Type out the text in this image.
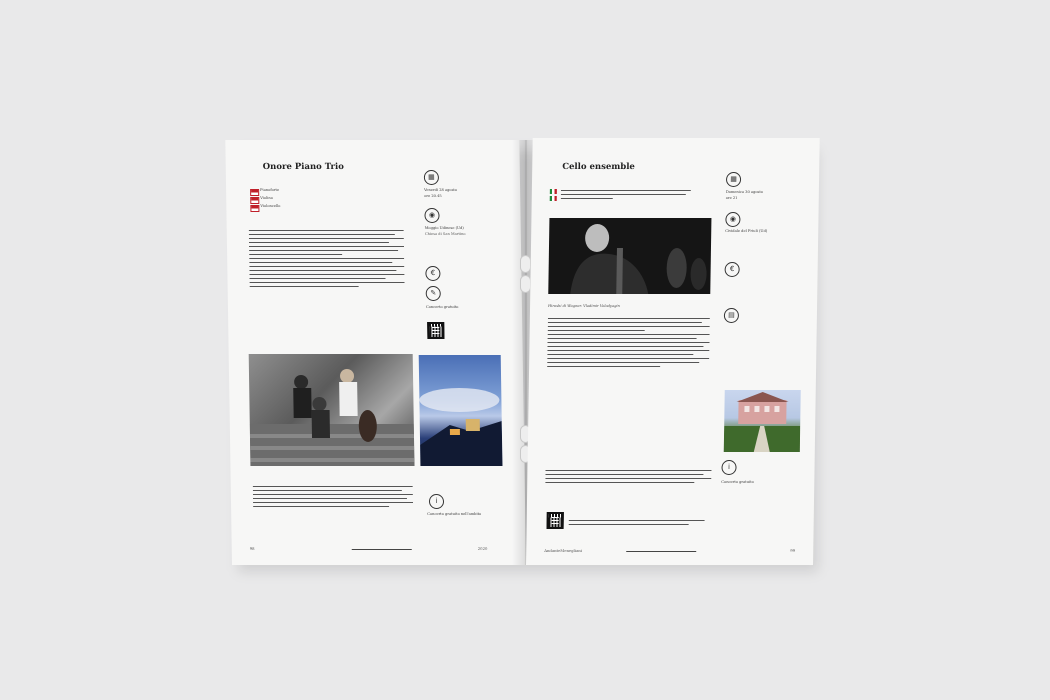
Onore Piano Trio
Pianoforte
Violino
Violoncello
▦
Venerdì 28 agosto
ore 20.45
◉
Moggio Udinese (Ud)
Chiesa di San Martino
€
✎
Concerto gratuito
i
Concerto gratuito nell'ambito
98	2020
Cello ensemble
Hiroshi di Wagner. Vladimir Volodyagin
▦
Domenica 30 agosto
ore 21
◉
Cividale del Friuli (Ud)
€
▤
i
Concerto gratuito
AndanteMenegliani	99
